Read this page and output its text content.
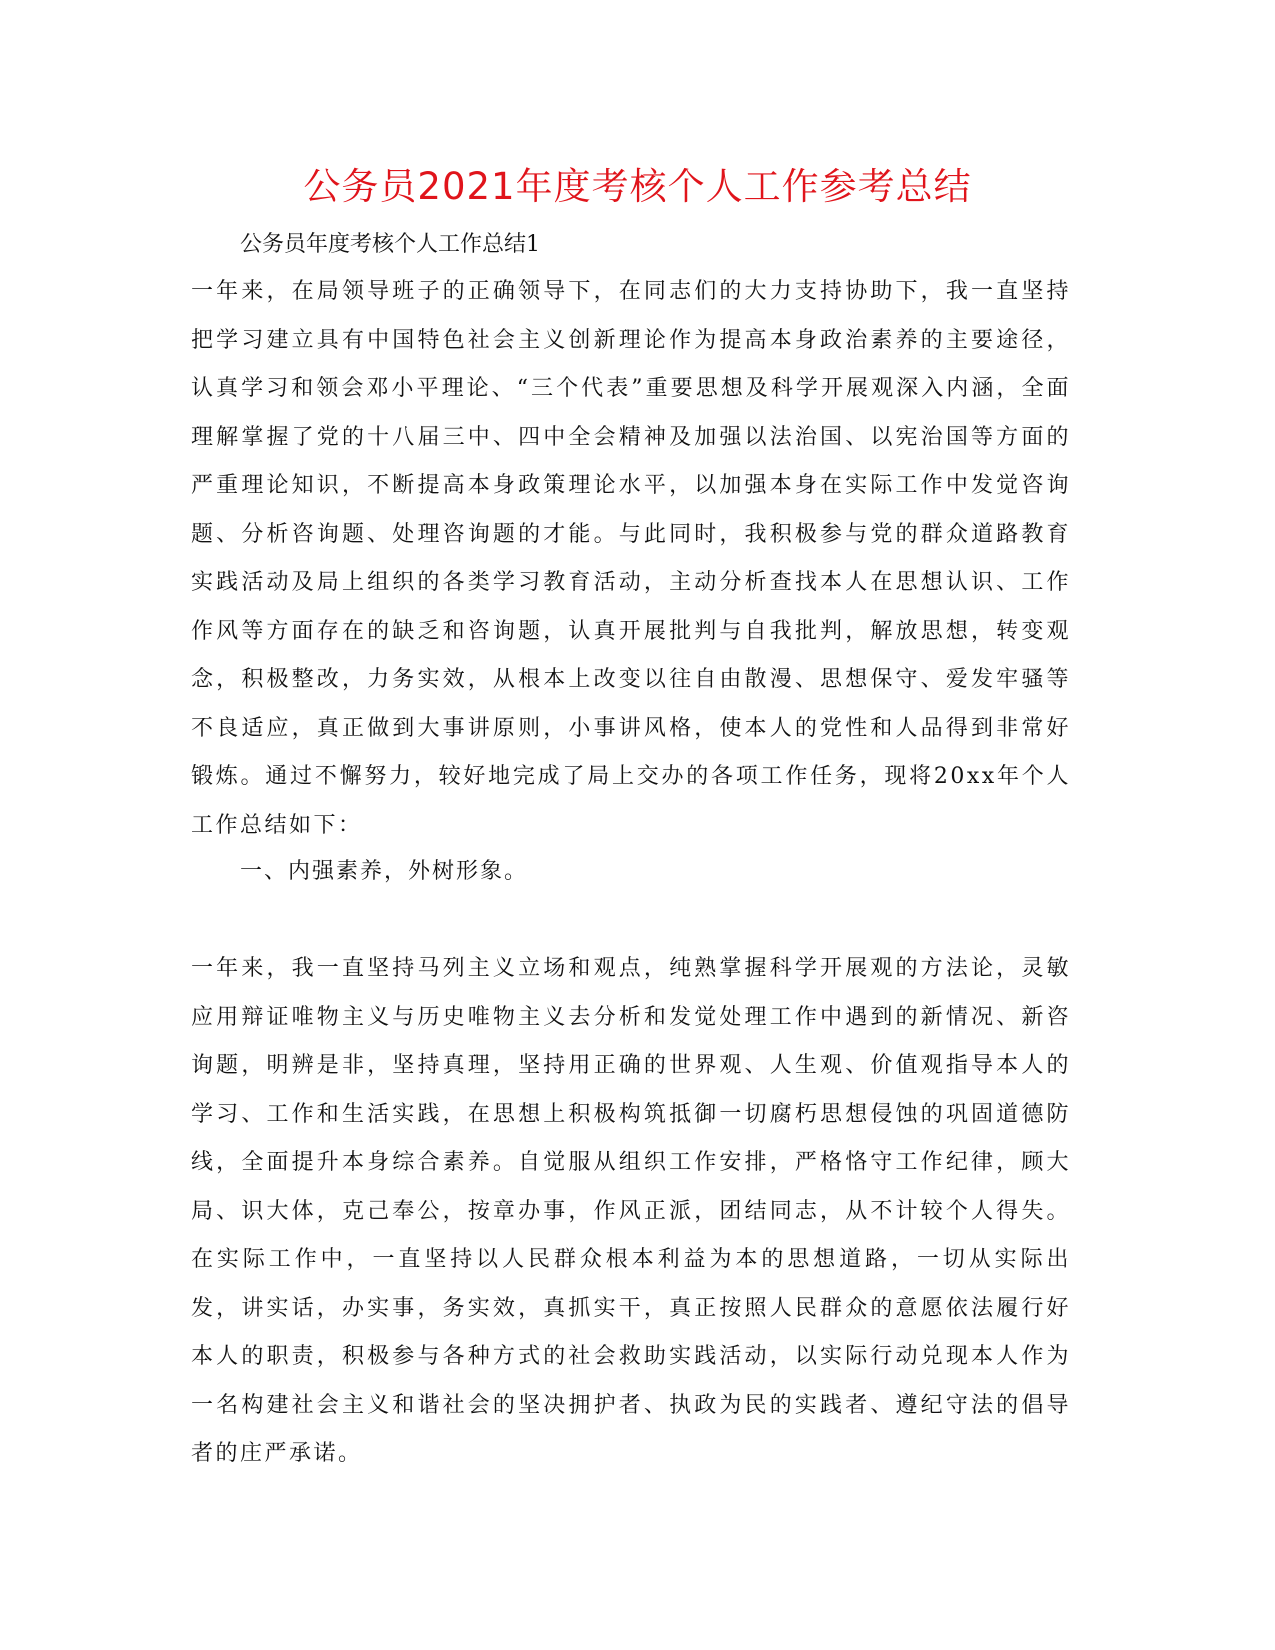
公务员2021年度考核个人工作参考总结
公务员年度考核个人工作总结1

一年来，在局领导班子的正确领导下，在同志们的大力支持协助下，我一直坚持把学习建立具有中国特色社会主义创新理论作为提高本身政治素养的主要途径，认真学习和领会邓小平理论、“三个代表”重要思想及科学开展观深入内涵，全面理解掌握了党的十八届三中、四中全会精神及加强以法治国、以宪治国等方面的严重理论知识，不断提高本身政策理论水平，以加强本身在实际工作中发觉咨询题、分析咨询题、处理咨询题的才能。与此同时，我积极参与党的群众道路教育实践活动及局上组织的各类学习教育活动，主动分析查找本人在思想认识、工作作风等方面存在的缺乏和咨询题，认真开展批判与自我批判，解放思想，转变观念，积极整改，力务实效，从根本上改变以往自由散漫、思想保守、爱发牢骚等不良适应，真正做到大事讲原则，小事讲风格，使本人的党性和人品得到非常好锻炼。通过不懈努力，较好地完成了局上交办的各项工作任务，现将20xx年个人工作总结如下：

一、内强素养，外树形象。

一年来，我一直坚持马列主义立场和观点，纯熟掌握科学开展观的方法论，灵敏应用辩证唯物主义与历史唯物主义去分析和发觉处理工作中遇到的新情况、新咨询题，明辨是非，坚持真理，坚持用正确的世界观、人生观、价值观指导本人的学习、工作和生活实践，在思想上积极构筑抵御一切腐朽思想侵蚀的巩固道德防线，全面提升本身综合素养。自觉服从组织工作安排，严格恪守工作纪律，顾大局、识大体，克己奉公，按章办事，作风正派，团结同志，从不计较个人得失。在实际工作中，一直坚持以人民群众根本利益为本的思想道路，一切从实际出发，讲实话，办实事，务实效，真抓实干，真正按照人民群众的意愿依法履行好本人的职责，积极参与各种方式的社会救助实践活动，以实际行动兑现本人作为一名构建社会主义和谐社会的坚决拥护者、执政为民的实践者、遵纪守法的倡导者的庄严承诺。
